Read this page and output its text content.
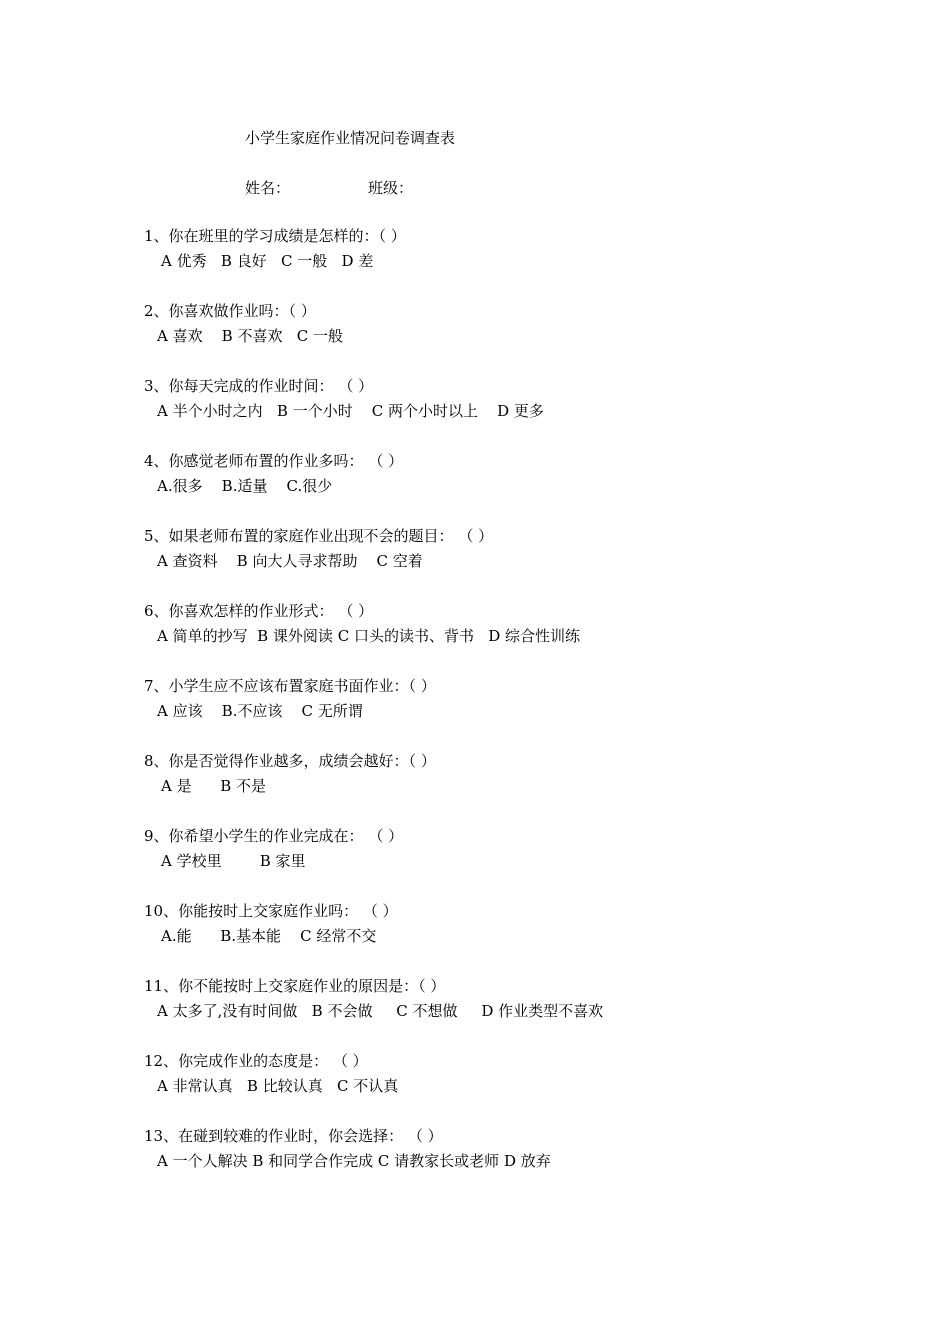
小学生家庭作业情况问卷调查表
姓名：	班级：
1、你在班里的学习成绩是怎样的：（ ）
A 优秀   B 良好   C 一般   D 差
2、你喜欢做作业吗：（ ）
A 喜欢    B 不喜欢   C 一般
3、你每天完成的作业时间： （ ）
A 半个小时之内   B 一个小时    C 两个小时以上    D 更多
4、你感觉老师布置的作业多吗： （ ）
A.很多    B.适量    C.很少
5、如果老师布置的家庭作业出现不会的题目： （ ）
A 查资料    B 向大人寻求帮助    C 空着
6、你喜欢怎样的作业形式： （ ）
A 简单的抄写  B 课外阅读 C 口头的读书、背书   D 综合性训练
7、小学生应不应该布置家庭书面作业：（ ）
A 应该    B.不应该    C 无所谓
8、你是否觉得作业越多，成绩会越好：（ ）
A 是      B 不是
9、你希望小学生的作业完成在： （ ）
A 学校里        B 家里
10、你能按时上交家庭作业吗： （ ）
A.能      B.基本能    C 经常不交
11、你不能按时上交家庭作业的原因是：（ ）
A 太多了,没有时间做   B 不会做     C 不想做     D 作业类型不喜欢
12、你完成作业的态度是： （ ）
A 非常认真   B 比较认真   C 不认真
13、在碰到较难的作业时，你会选择： （ ）
A 一个人解决 B 和同学合作完成 C 请教家长或老师 D 放弃
